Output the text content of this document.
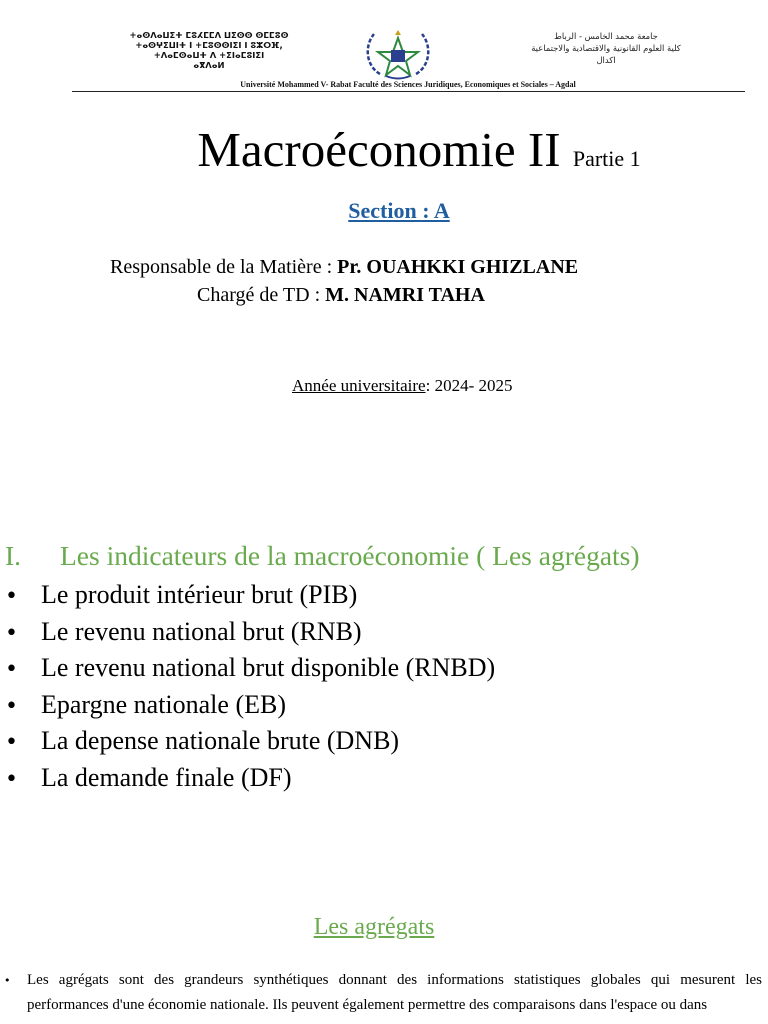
+ⴰⵙⴷⴰⵡⵉⵜ ⵎⵓⵃⵎⵎⴷ ⵡⵉⵙⵙ ⵙⵎⵎⵓⵙ
+ⴰⵙⵖⵉⵡⵏⵜ ⵏ +ⵎⵓⵙⵙⵏⵉⵏ ⵏ ⵓⵣⵔⴼ,
+ⴷⴰⵎⵙⴰⵡⵜ ⴷ +ⵉⵏⴰⵎⵓⵏⵉⵏ
ⴰⴳⴷⴰⵍ
جامعة محمد الخامس - الرباط
كلية العلوم القانونية والاقتصادية والاجتماعية
اكدال
Université Mohammed V- Rabat Faculté des Sciences Juridiques, Economiques et Sociales – Agdal
Macroéconomie II Partie 1
Section : A
Responsable de la Matière : Pr. OUAHKKI GHIZLANE
Chargé de TD : M. NAMRI TAHA
Année universitaire: 2024- 2025
I. Les indicateurs de la macroéconomie ( Les agrégats)
• Le produit intérieur brut (PIB)
• Le revenu national brut (RNB)
• Le revenu national brut disponible (RNBD)
• Epargne nationale (EB)
• La depense nationale brute (DNB)
• La demande finale (DF)
Les agrégats
• Les agrégats sont des grandeurs synthétiques donnant des informations statistiques globales qui mesurent les performances d'une économie nationale. Ils peuvent également permettre des comparaisons dans l'espace ou dans
